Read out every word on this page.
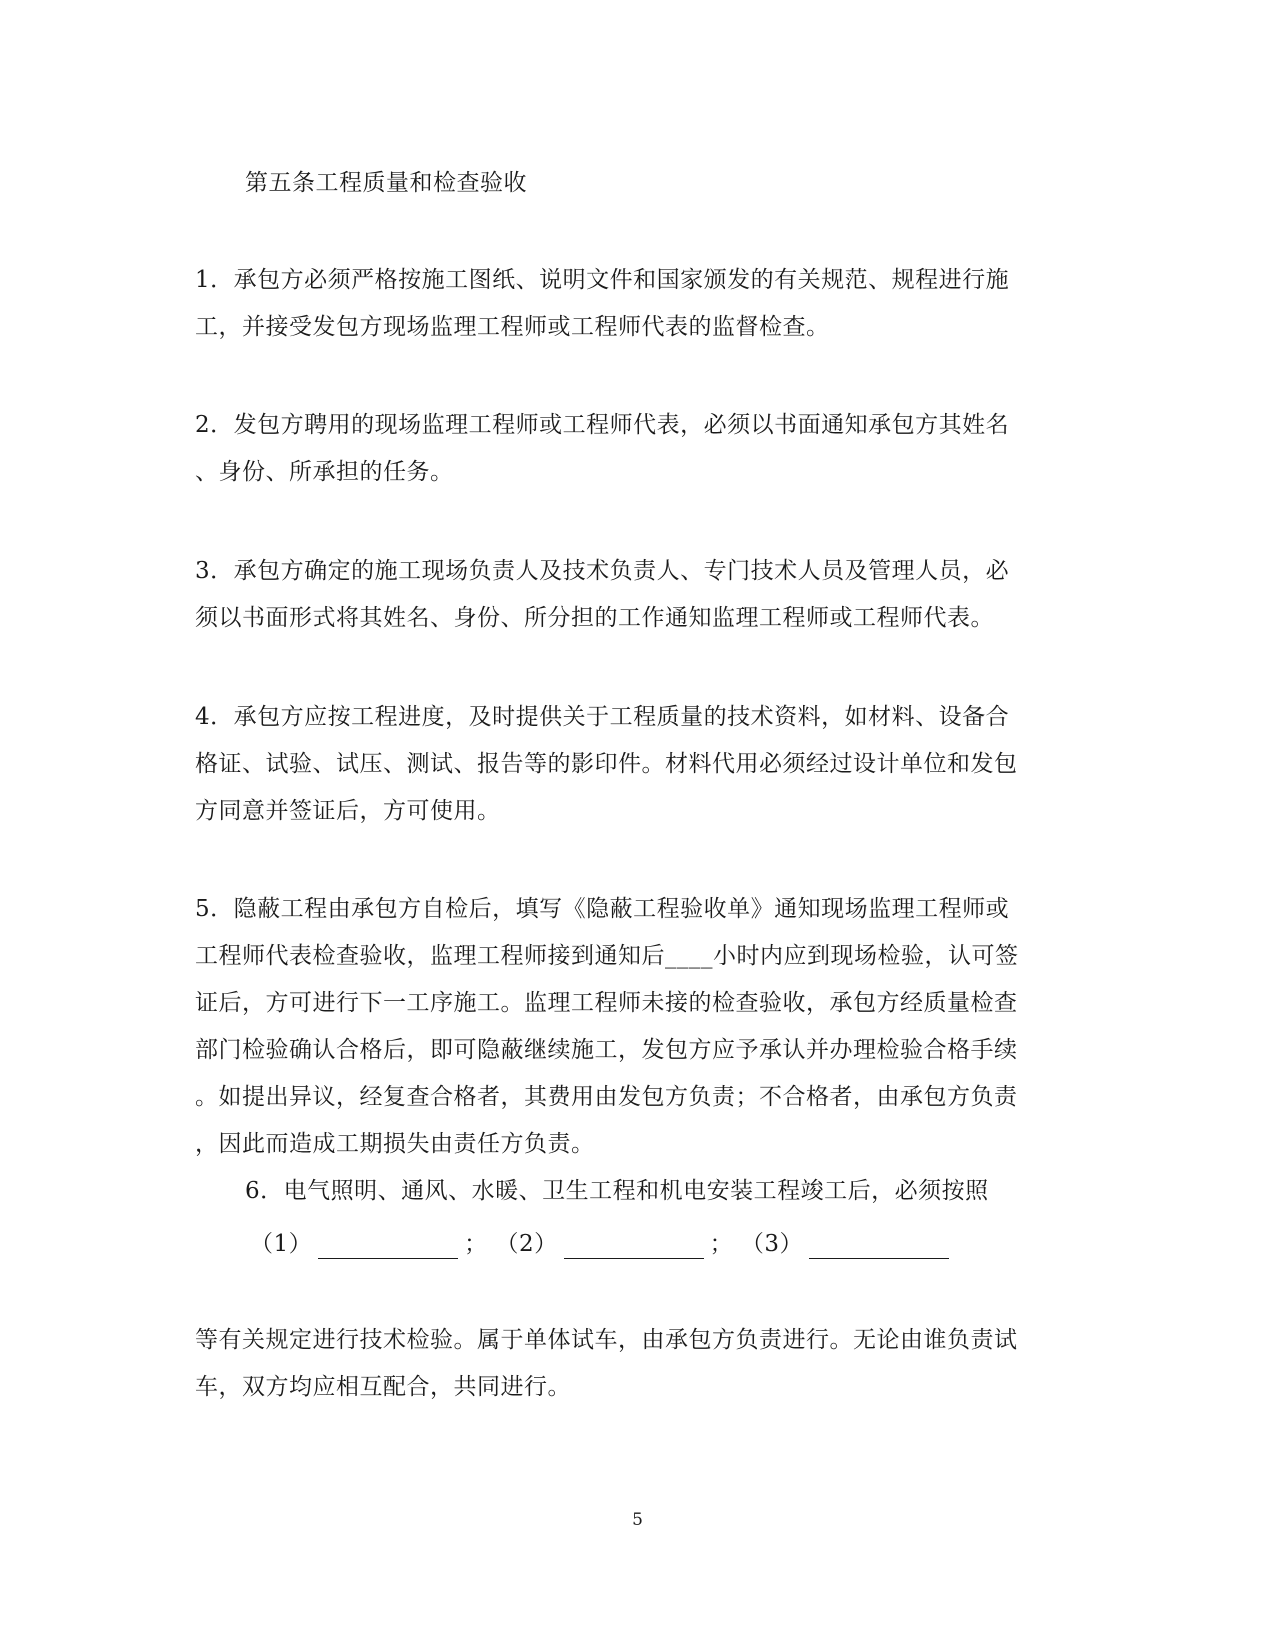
第五条工程质量和检查验收
1．承包方必须严格按施工图纸、说明文件和国家颁发的有关规范、规程进行施
工，并接受发包方现场监理工程师或工程师代表的监督检查。
2．发包方聘用的现场监理工程师或工程师代表，必须以书面通知承包方其姓名
、身份、所承担的任务。
3．承包方确定的施工现场负责人及技术负责人、专门技术人员及管理人员，必
须以书面形式将其姓名、身份、所分担的工作通知监理工程师或工程师代表。
4．承包方应按工程进度，及时提供关于工程质量的技术资料，如材料、设备合
格证、试验、试压、测试、报告等的影印件。材料代用必须经过设计单位和发包
方同意并签证后，方可使用。
5．隐蔽工程由承包方自检后，填写《隐蔽工程验收单》通知现场监理工程师或
工程师代表检查验收，监理工程师接到通知后____小时内应到现场检验，认可签
证后，方可进行下一工序施工。监理工程师未接的检查验收，承包方经质量检查
部门检验确认合格后，即可隐蔽继续施工，发包方应予承认并办理检验合格手续
。如提出异议，经复查合格者，其费用由发包方负责；不合格者，由承包方负责
，因此而造成工期损失由责任方负责。
6．电气照明、通风、水暖、卫生工程和机电安装工程竣工后，必须按照
（1）	； （2）	； （3）
等有关规定进行技术检验。属于单体试车，由承包方负责进行。无论由谁负责试
车，双方均应相互配合，共同进行。
5
